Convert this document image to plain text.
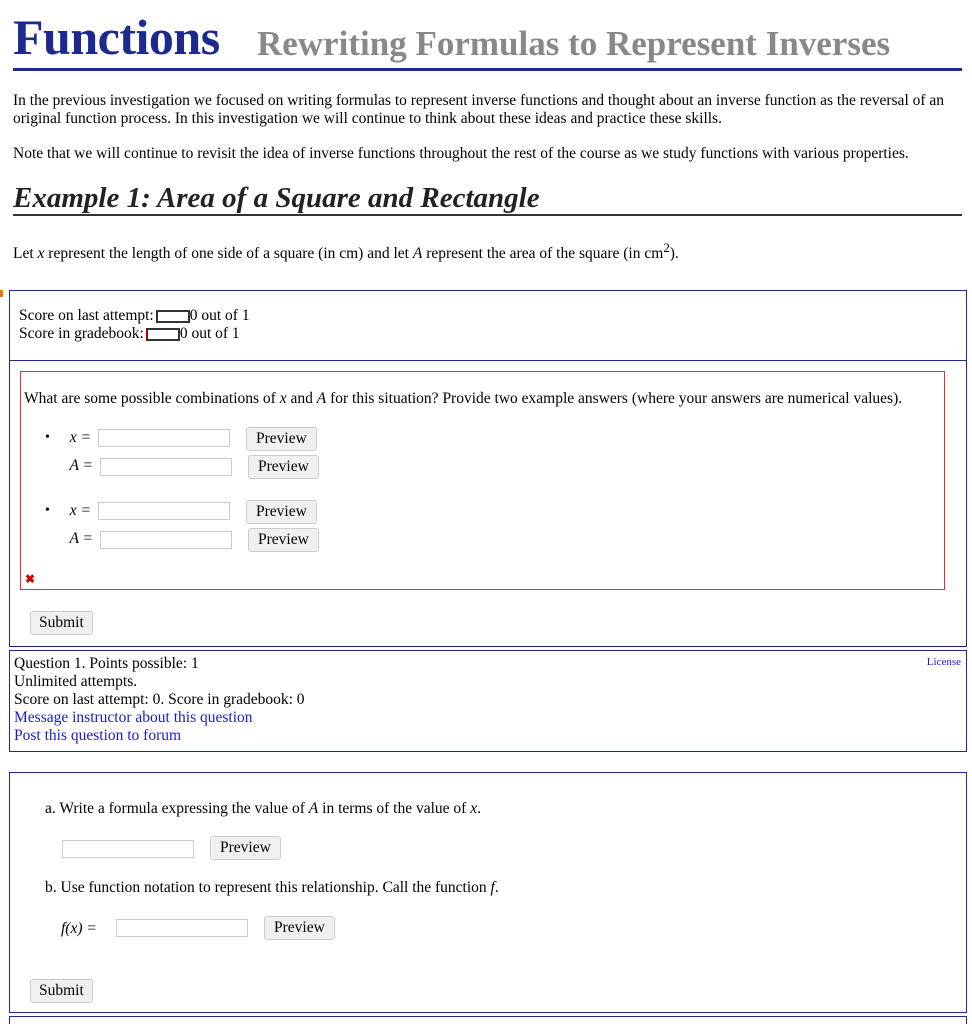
Functions Rewriting Formulas to Represent Inverses
In the previous investigation we focused on writing formulas to represent inverse functions and thought about an inverse function as the reversal of an original function process. In this investigation we will continue to think about these ideas and practice these skills.
Note that we will continue to revisit the idea of inverse functions throughout the rest of the course as we study functions with various properties.
Example 1: Area of a Square and Rectangle
Let x represent the length of one side of a square (in cm) and let A represent the area of the square (in $cm^2$).
Score on last attempt: 0 out of 1
Score in gradebook: 0 out of 1
What are some possible combinations of x and A for this situation? Provide two example answers (where your answers are numerical values).
•	x =	Preview
A =	Preview
•	x =	Preview
A =	Preview
✖
Submit
Question 1. Points possible: 1
Unlimited attempts.
Score on last attempt: 0. Score in gradebook: 0
Message instructor about this question
Post this question to forum
License
a. Write a formula expressing the value of A in terms of the value of x.
Preview
b. Use function notation to represent this relationship. Call the function f.
f(x) =	Preview
Submit
